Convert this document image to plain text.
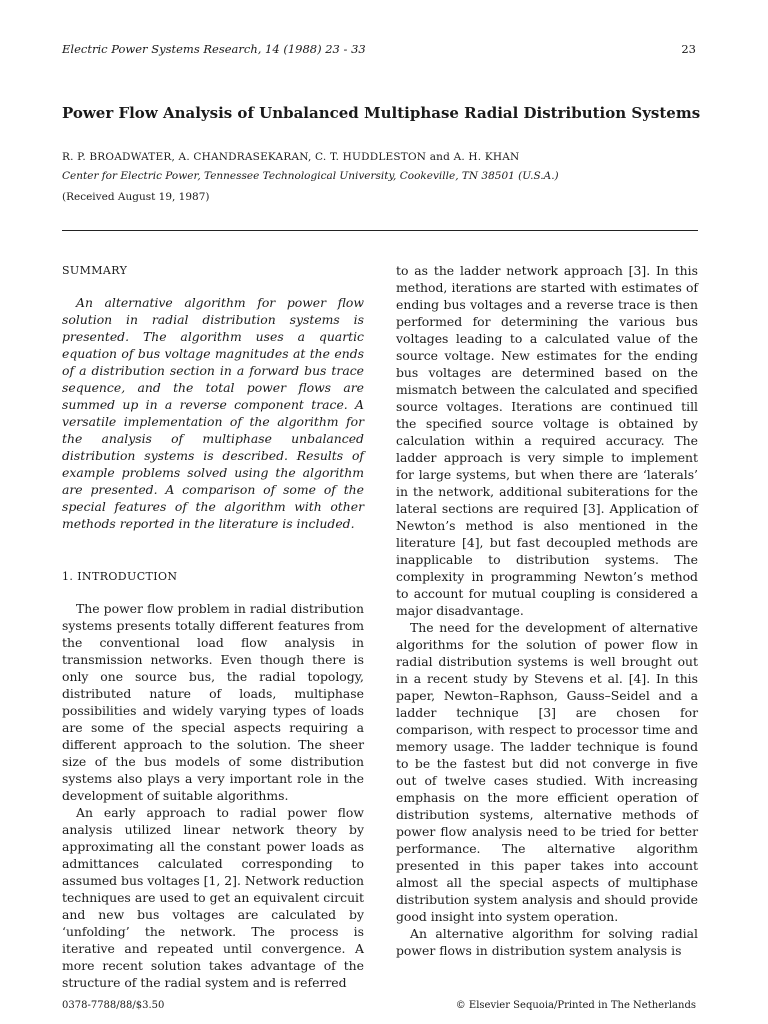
Electric Power Systems Research, 14 (1988) 23 - 33	23
Power Flow Analysis of Unbalanced Multiphase Radial Distribution Systems
R. P. BROADWATER, A. CHANDRASEKARAN, C. T. HUDDLESTON and A. H. KHAN
Center for Electric Power, Tennessee Technological University, Cookeville, TN 38501 (U.S.A.)
(Received August 19, 1987)

SUMMARY

An alternative algorithm for power flow solution in radial distribution systems is presented. The algorithm uses a quartic equation of bus voltage magnitudes at the ends of a distribution section in a forward bus trace sequence, and the total power flows are summed up in a reverse component trace. A versatile implementation of the algorithm for the analysis of multiphase unbalanced distribution systems is described. Results of example problems solved using the algorithm are presented. A comparison of some of the special features of the algorithm with other methods reported in the literature is included.

1. INTRODUCTION

The power flow problem in radial distribution systems presents totally different features from the conventional load flow analysis in transmission networks. Even though there is only one source bus, the radial topology, distributed nature of loads, multiphase possibilities and widely varying types of loads are some of the special aspects requiring a different approach to the solution. The sheer size of the bus models of some distribution systems also plays a very important role in the development of suitable algorithms.

An early approach to radial power flow analysis utilized linear network theory by approximating all the constant power loads as admittances calculated corresponding to assumed bus voltages [1, 2]. Network reduction techniques are used to get an equivalent circuit and new bus voltages are calculated by ‘unfolding’ the network. The process is iterative and repeated until convergence. A more recent solution takes advantage of the structure of the radial system and is referred

to as the ladder network approach [3]. In this method, iterations are started with estimates of ending bus voltages and a reverse trace is then performed for determining the various bus voltages leading to a calculated value of the source voltage. New estimates for the ending bus voltages are determined based on the mismatch between the calculated and specified source voltages. Iterations are continued till the specified source voltage is obtained by calculation within a required accuracy. The ladder approach is very simple to implement for large systems, but when there are ‘laterals’ in the network, additional subiterations for the lateral sections are required [3]. Application of Newton’s method is also mentioned in the literature [4], but fast decoupled methods are inapplicable to distribution systems. The complexity in programming Newton’s method to account for mutual coupling is considered a major disadvantage.

The need for the development of alternative algorithms for the solution of power flow in radial distribution systems is well brought out in a recent study by Stevens et al. [4]. In this paper, Newton–Raphson, Gauss–Seidel and a ladder technique [3] are chosen for comparison, with respect to processor time and memory usage. The ladder technique is found to be the fastest but did not converge in five out of twelve cases studied. With increasing emphasis on the more efficient operation of distribution systems, alternative methods of power flow analysis need to be tried for better performance. The alternative algorithm presented in this paper takes into account almost all the special aspects of multiphase distribution system analysis and should provide good insight into system operation.

An alternative algorithm for solving radial power flows in distribution system analysis is

0378-7788/88/$3.50	© Elsevier Sequoia/Printed in The Netherlands
